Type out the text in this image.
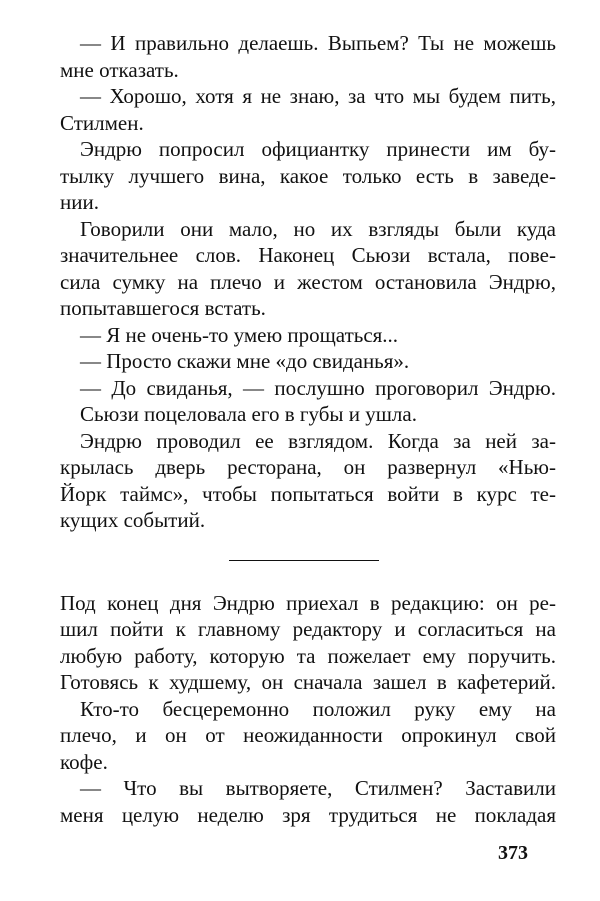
— И правильно делаешь. Выпьем? Ты не можешь
мне отказать.
— Хорошо, хотя я не знаю, за что мы будем пить,
Стилмен.
Эндрю попросил официантку принести им бу-
тылку лучшего вина, какое только есть в заведе-
нии.
Говорили они мало, но их взгляды были куда
значительнее слов. Наконец Сьюзи встала, пове-
сила сумку на плечо и жестом остановила Эндрю,
попытавшегося встать.
— Я не очень-то умею прощаться...
— Просто скажи мне «до свиданья».
— До свиданья, — послушно проговорил Эндрю.
Сьюзи поцеловала его в губы и ушла.
Эндрю проводил ее взглядом. Когда за ней за-
крылась дверь ресторана, он развернул «Нью-
Йорк таймс», чтобы попытаться войти в курс те-
кущих событий.
Под конец дня Эндрю приехал в редакцию: он ре-
шил пойти к главному редактору и согласиться на
любую работу, которую та пожелает ему поручить.
Готовясь к худшему, он сначала зашел в кафетерий.
Кто-то бесцеремонно положил руку ему на
плечо, и он от неожиданности опрокинул свой
кофе.
— Что вы вытворяете, Стилмен? Заставили
меня целую неделю зря трудиться не покладая
373
